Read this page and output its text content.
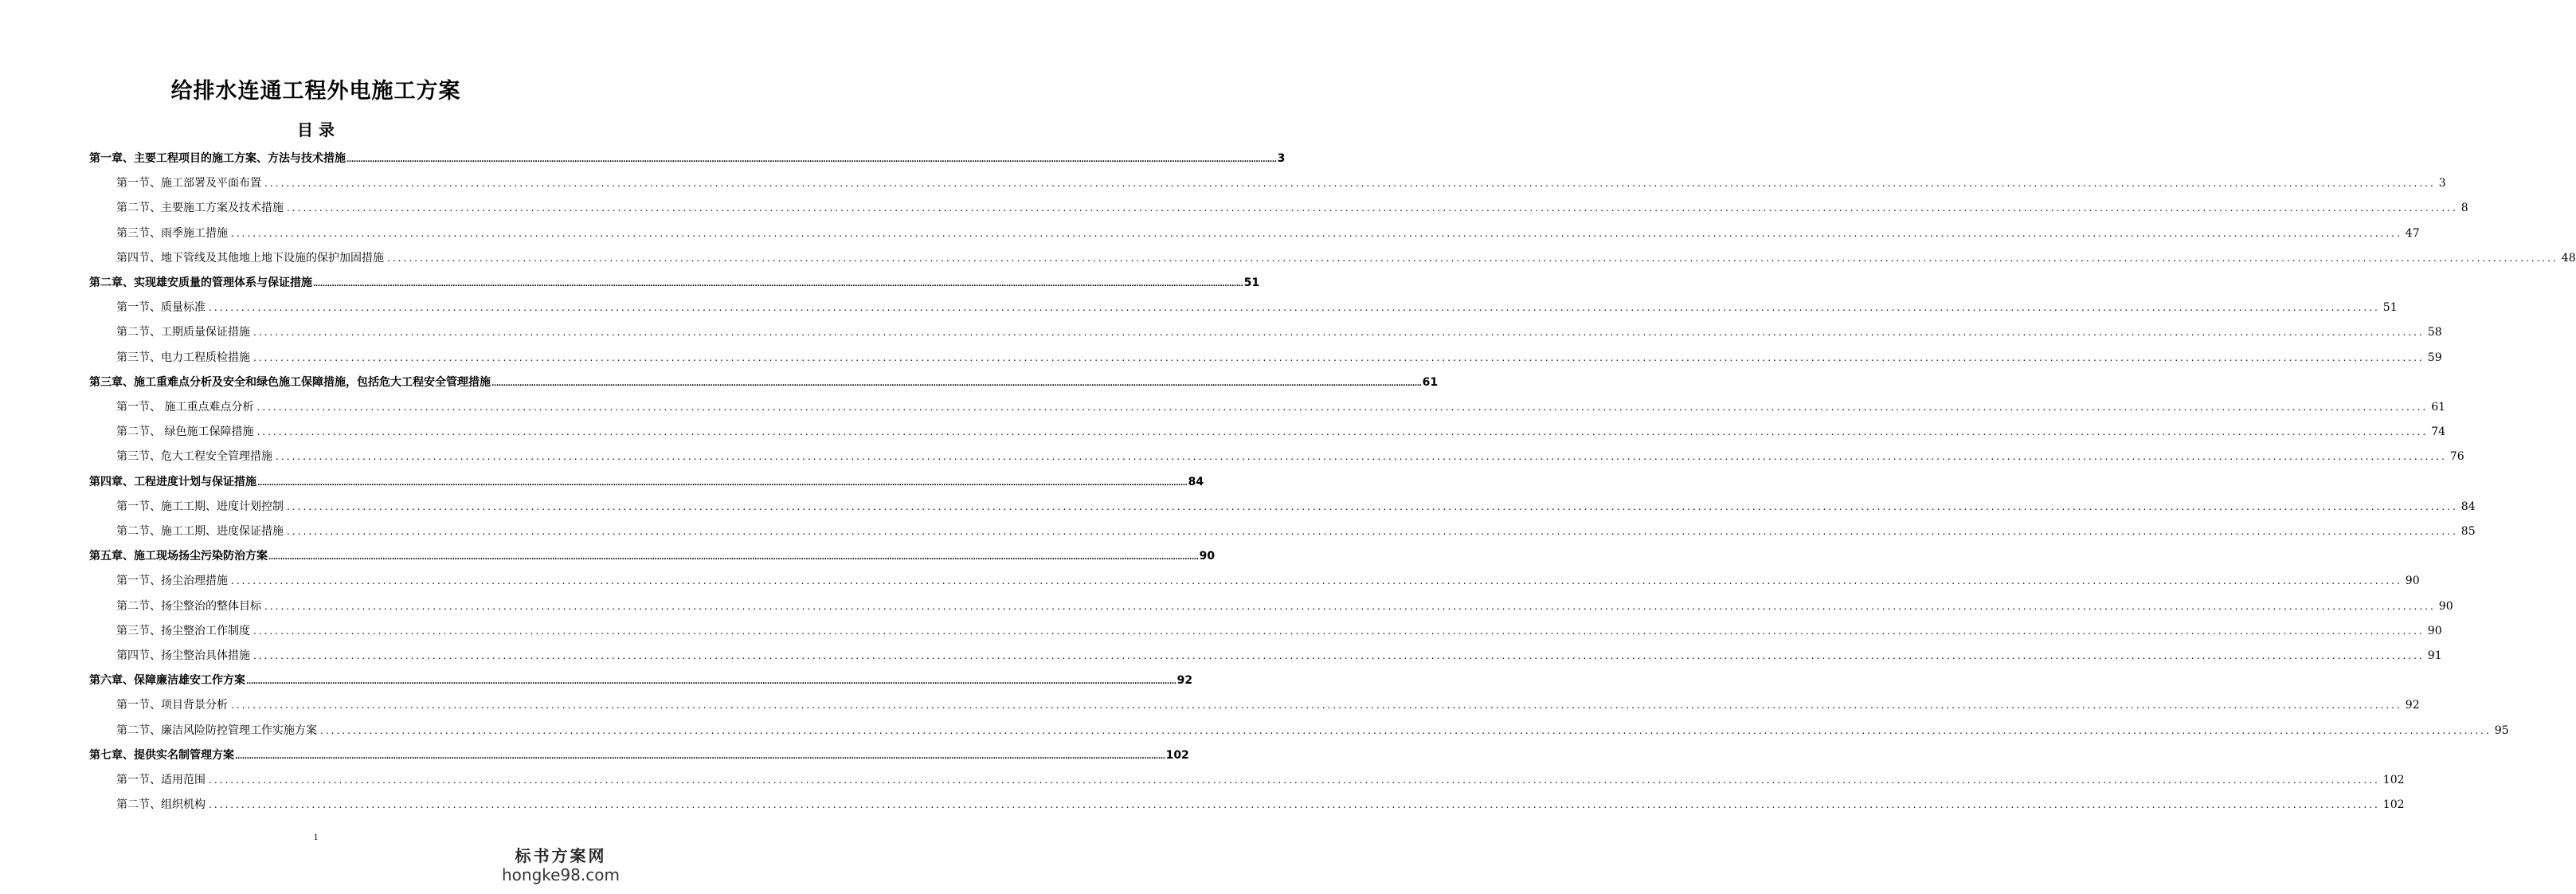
给排水连通工程外电施工方案
目 录
第一章、主要工程项目的施工方案、方法与技术措施 ................................................................................................................................................................................................................................................................................................................................................................................................................ 3
第一节、施工部署及平面布置 ................................................................................................................................................................................................................................................................................................................................................................................................................ 3
第二节、主要施工方案及技术措施 ................................................................................................................................................................................................................................................................................................................................................................................................................ 8
第三节、雨季施工措施 ................................................................................................................................................................................................................................................................................................................................................................................................................ 47
第四节、地下管线及其他地上地下设施的保护加固措施 ................................................................................................................................................................................................................................................................................................................................................................................................................ 48
第二章、实现雄安质量的管理体系与保证措施 ................................................................................................................................................................................................................................................................................................................................................................................................................ 51
第一节、质量标准 ................................................................................................................................................................................................................................................................................................................................................................................................................ 51
第二节、工期质量保证措施 ................................................................................................................................................................................................................................................................................................................................................................................................................ 58
第三节、电力工程质检措施 ................................................................................................................................................................................................................................................................................................................................................................................................................ 59
第三章、施工重难点分析及安全和绿色施工保障措施，包括危大工程安全管理措施 ................................................................................................................................................................................................................................................................................................................................................................................................................ 61
第一节、 施工重点难点分析 ................................................................................................................................................................................................................................................................................................................................................................................................................ 61
第二节、 绿色施工保障措施 ................................................................................................................................................................................................................................................................................................................................................................................................................ 74
第三节、危大工程安全管理措施 ................................................................................................................................................................................................................................................................................................................................................................................................................ 76
第四章、工程进度计划与保证措施 ................................................................................................................................................................................................................................................................................................................................................................................................................ 84
第一节、施工工期、进度计划控制 ................................................................................................................................................................................................................................................................................................................................................................................................................ 84
第二节、施工工期、进度保证措施 ................................................................................................................................................................................................................................................................................................................................................................................................................ 85
第五章、施工现场扬尘污染防治方案 ................................................................................................................................................................................................................................................................................................................................................................................................................ 90
第一节、扬尘治理措施 ................................................................................................................................................................................................................................................................................................................................................................................................................ 90
第二节、扬尘整治的整体目标 ................................................................................................................................................................................................................................................................................................................................................................................................................ 90
第三节、扬尘整治工作制度 ................................................................................................................................................................................................................................................................................................................................................................................................................ 90
第四节、扬尘整治具体措施 ................................................................................................................................................................................................................................................................................................................................................................................................................ 91
第六章、保障廉洁雄安工作方案 ................................................................................................................................................................................................................................................................................................................................................................................................................ 92
第一节、项目背景分析 ................................................................................................................................................................................................................................................................................................................................................................................................................ 92
第二节、廉洁风险防控管理工作实施方案 ................................................................................................................................................................................................................................................................................................................................................................................................................ 95
第七章、提供实名制管理方案 ................................................................................................................................................................................................................................................................................................................................................................................................................ 102
第一节、适用范围 ................................................................................................................................................................................................................................................................................................................................................................................................................ 102
第二节、组织机构 ................................................................................................................................................................................................................................................................................................................................................................................................................ 102
1
标书方案网
hongke98.com
